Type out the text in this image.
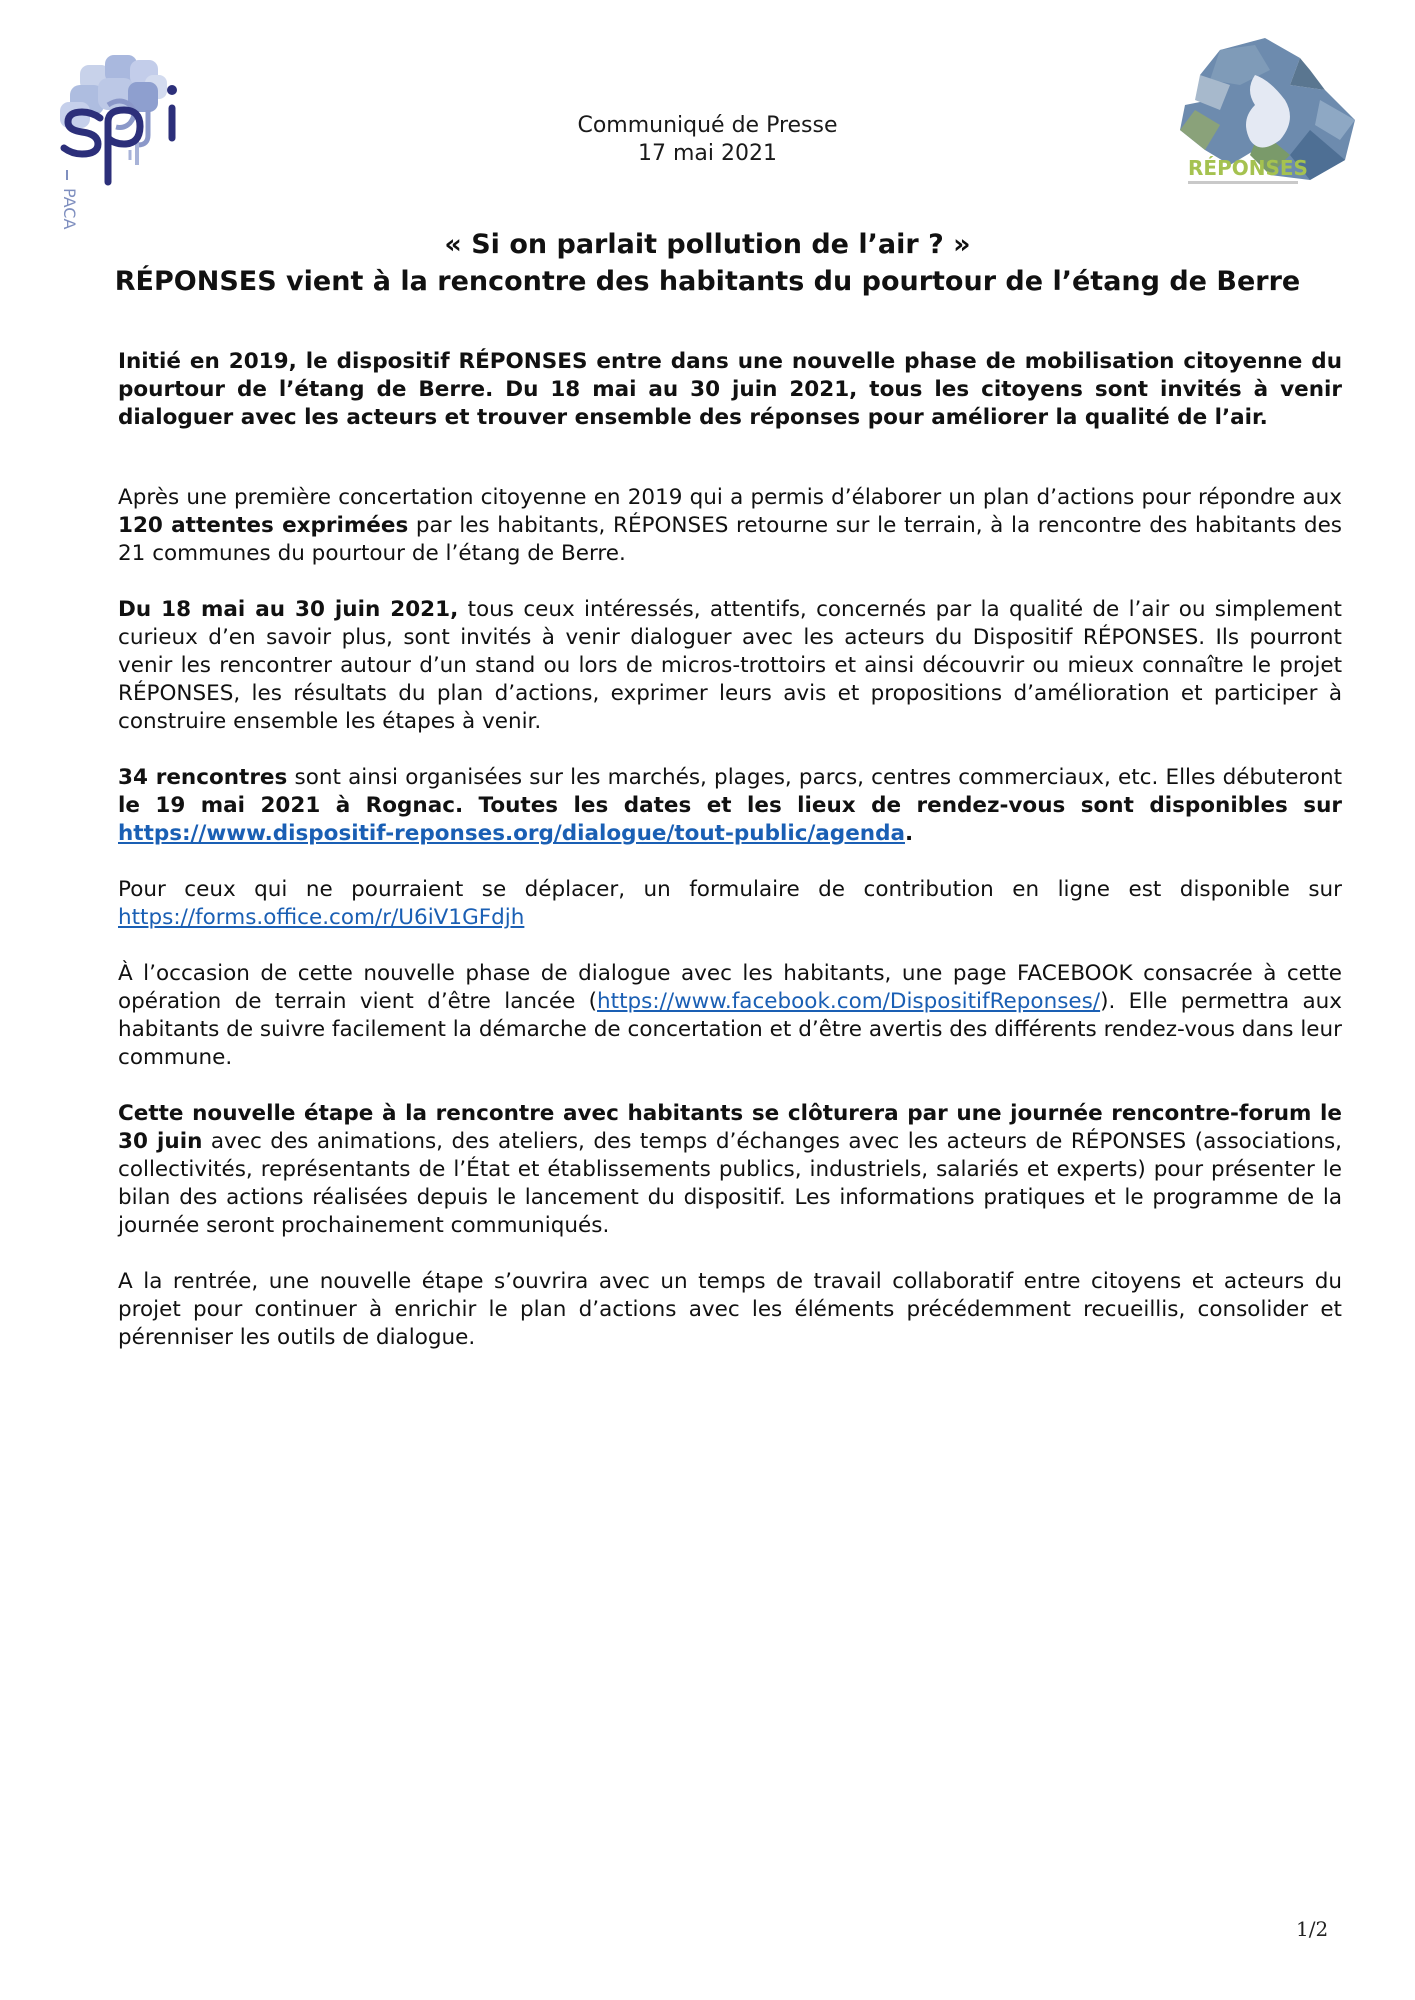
PACA
RÉPONSES
Communiqué de Presse
17 mai 2021
« Si on parlait pollution de l’air ? »
RÉPONSES vient à la rencontre des habitants du pourtour de l’étang de Berre

Initié en 2019, le dispositif RÉPONSES entre dans une nouvelle phase de mobilisation citoyenne du pourtour de l’étang de Berre. Du 18 mai au 30 juin 2021, tous les citoyens sont invités à venir dialoguer avec les acteurs et trouver ensemble des réponses pour améliorer la qualité de l’air.

Après une première concertation citoyenne en 2019 qui a permis d’élaborer un plan d’actions pour répondre aux 120 attentes exprimées par les habitants, RÉPONSES retourne sur le terrain, à la rencontre des habitants des 21 communes du pourtour de l’étang de Berre.

Du 18 mai au 30 juin 2021, tous ceux intéressés, attentifs, concernés par la qualité de l’air ou simplement curieux d’en savoir plus, sont invités à venir dialoguer avec les acteurs du Dispositif RÉPONSES. Ils pourront venir les rencontrer autour d’un stand ou lors de micros-trottoirs et ainsi découvrir ou mieux connaître le projet RÉPONSES, les résultats du plan d’actions, exprimer leurs avis et propositions d’amélioration et participer à construire ensemble les étapes à venir.

34 rencontres sont ainsi organisées sur les marchés, plages, parcs, centres commerciaux, etc. Elles débuteront le 19 mai 2021 à Rognac. Toutes les dates et les lieux de rendez-vous sont disponibles sur https://www.dispositif-reponses.org/dialogue/tout-public/agenda.

Pour ceux qui ne pourraient se déplacer, un formulaire de contribution en ligne est disponible sur https://forms.office.com/r/U6iV1GFdjh

À l’occasion de cette nouvelle phase de dialogue avec les habitants, une page FACEBOOK consacrée à cette opération de terrain vient d’être lancée (https://www.facebook.com/DispositifReponses/). Elle permettra aux habitants de suivre facilement la démarche de concertation et d’être avertis des différents rendez-vous dans leur commune.

Cette nouvelle étape à la rencontre avec habitants se clôturera par une journée rencontre-forum le 30 juin avec des animations, des ateliers, des temps d’échanges avec les acteurs de RÉPONSES (associations, collectivités, représentants de l’État et établissements publics, industriels, salariés et experts) pour présenter le bilan des actions réalisées depuis le lancement du dispositif. Les informations pratiques et le programme de la journée seront prochainement communiqués.

A la rentrée, une nouvelle étape s’ouvrira avec un temps de travail collaboratif entre citoyens et acteurs du projet pour continuer à enrichir le plan d’actions avec les éléments précédemment recueillis, consolider et pérenniser les outils de dialogue.

1/2
